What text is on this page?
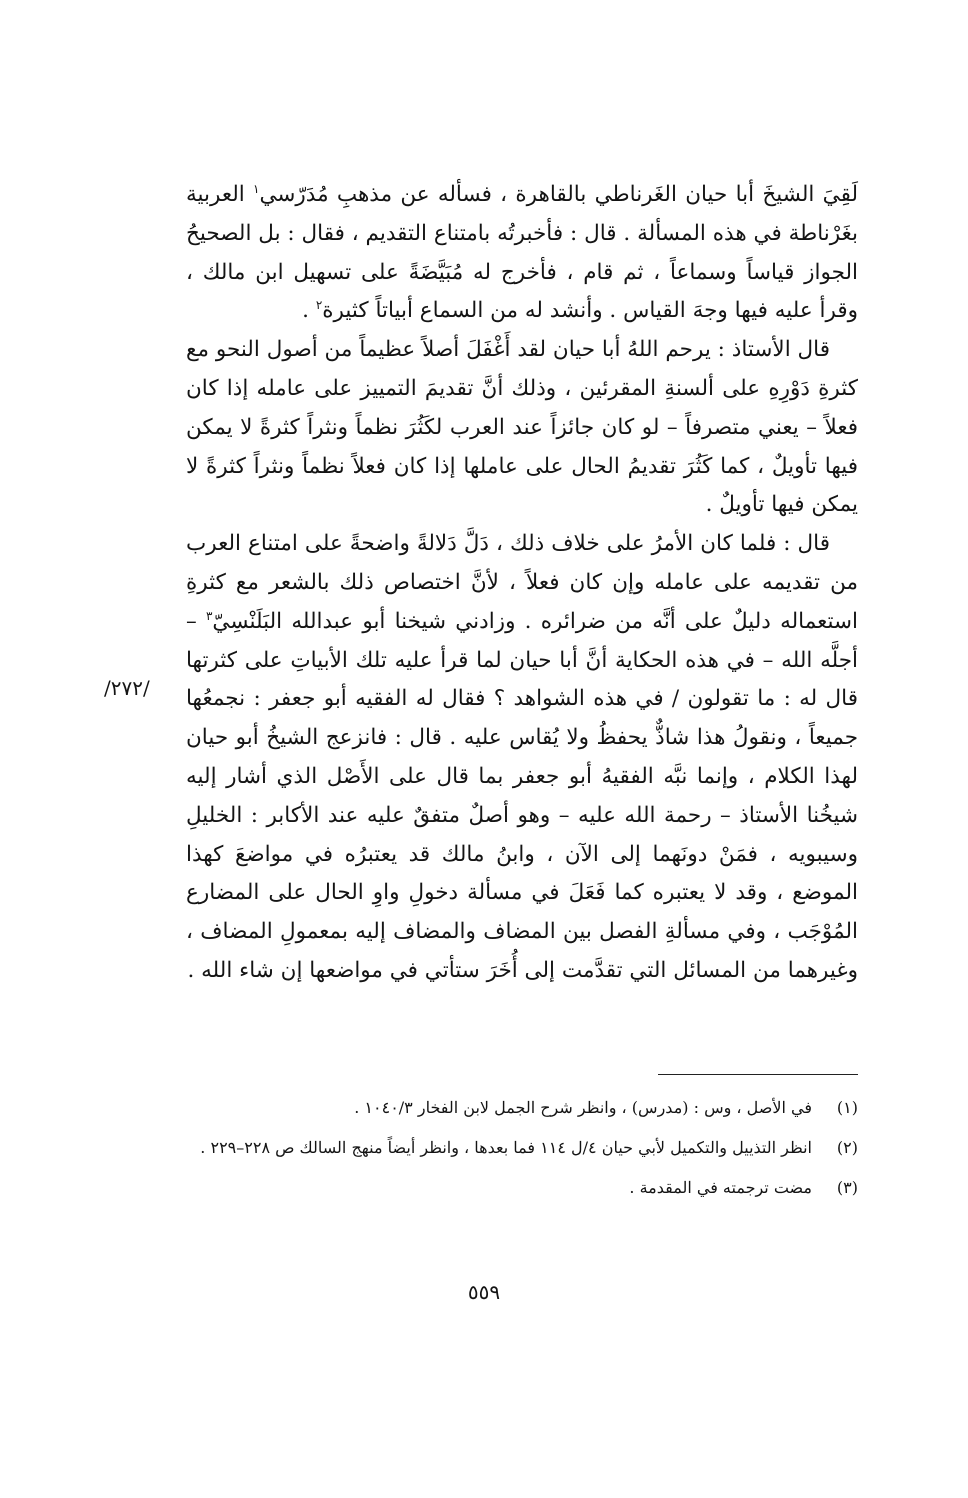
لَقِيَ الشيخَ أبا حيان الغَرناطي بالقاهرة ، فسأله عن مذهبِ مُدَرّسي$^١$ العربية بغَرْناطة في هذه المسألة . قال : فأخبرتُه بامتناع التقديم ، فقال : بل الصحيحُ الجواز قياساً وسماعاً ، ثم قام ، فأخرج له مُبَيَّضَةً على تسهيل ابن مالك ، وقرأ عليه فيها وجهَ القياس . وأنشد له من السماع أبياتاً كثيرة$^٢$ .

قال الأستاذ : يرحم اللهُ أبا حيان لقد أَغْفَلَ أصلاً عظيماً من أصول النحو مع كثرةِ دَوْرِهِ على ألسنةِ المقرئين ، وذلك أنَّ تقديمَ التمييز على عامله إذا كان فعلاً – يعني متصرفاً – لو كان جائزاً عند العرب لكَثُرَ نظماً ونثراً كثرةً لا يمكن فيها تأويلٌ ، كما كَثُرَ تقديمُ الحال على عاملها إذا كان فعلاً نظماً ونثراً كثرةً لا يمكن فيها تأويلٌ .

قال : فلما كان الأمرُ على خلاف ذلك ، دَلَّ دَلالةً واضحةً على امتناع العرب من تقديمه على عامله وإن كان فعلاً ، لأنَّ اختصاص ذلك بالشعر مع كثرةِ استعماله دليلٌ على أنَّه من ضرائره . وزادني شيخنا أبو عبدالله البَلَنْسِيّ$^٣$ – أجلَّه الله – في هذه الحكاية أنَّ أبا حيان لما قرأ عليه تلك الأبياتِ على كثرتها قال له : ما تقولون / في هذه الشواهد ؟ فقال له الفقيه أبو جعفر : نجمعُها جميعاً ، ونقولُ هذا شاذٌّ يحفظُ ولا يُقاس عليه . قال : فانزعج الشيخُ أبو حيان لهذا الكلام ، وإنما نبَّه الفقيهُ أبو جعفر بما قال على الأَصْل الذي أشار إليه شيخُنا الأستاذ – رحمة الله عليه – وهو أصلٌ متفقٌ عليه عند الأكابر : الخليلِ وسيبويه ، فمَنْ دونَهما إلى الآن ، وابنُ مالك قد يعتبرُه في مواضعَ كهذا الموضع ، وقد لا يعتبره كما فَعَلَ في مسألة دخولِ واوِ الحال على المضارع المُوْجَب ، وفي مسألةِ الفصل بين المضاف والمضاف إليه بمعمولِ المضاف ، وغيرهما من المسائل التي تقدَّمت إلى أُخَرَ ستأتي في مواضعها إن شاء الله .

/٢٧٢/
(١)
في الأصل ، وس : (مدرس) ، وانظر شرح الجمل لابن الفخار ١٠٤٠/٣ .
(٢)
انظر التذييل والتكميل لأبي حيان ٤/ل ١١٤ فما بعدها ، وانظر أيضاً منهج السالك ص ٢٢٨–٢٢٩ .
(٣)
مضت ترجمته في المقدمة .
٥٥٩
